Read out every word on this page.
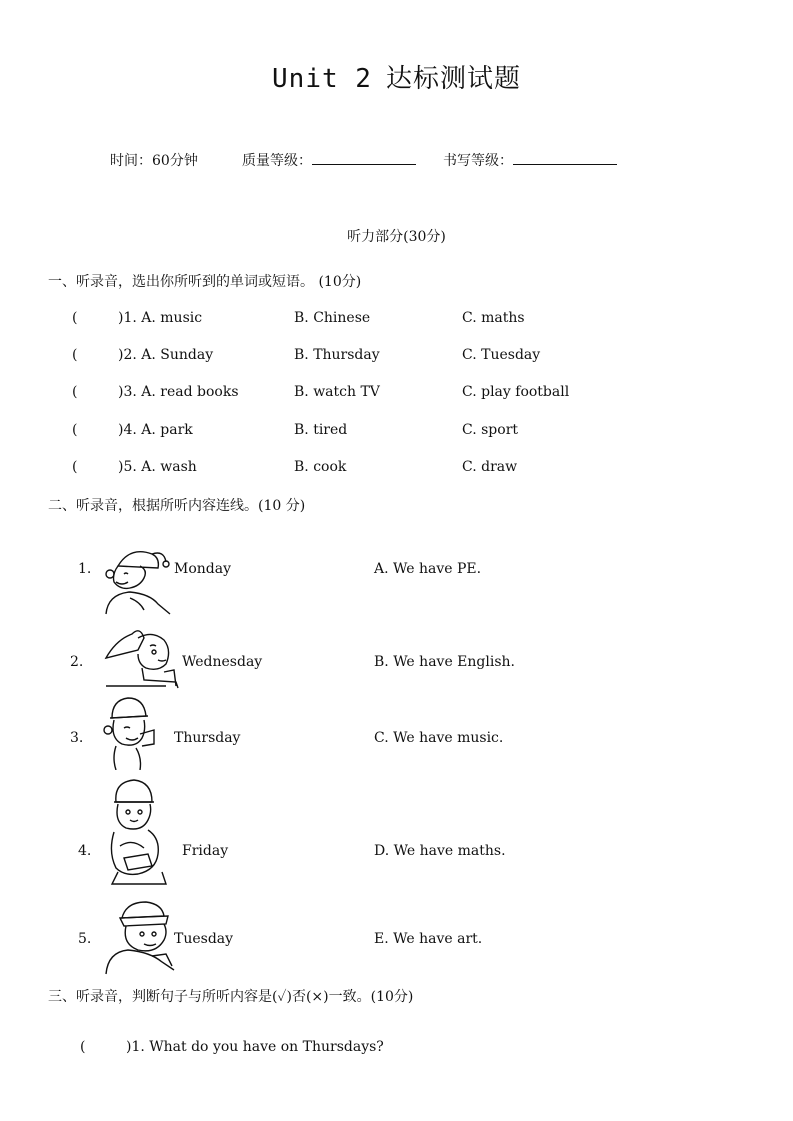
Unit 2 达标测试题
时间：60分钟	质量等级：	书写等级：
听力部分(30分)
一、听录音，选出你所听到的单词或短语。 (10分)
(	)1. A. music	B. Chinese	C. maths
(	)2. A. Sunday	B. Thursday	C. Tuesday
(	)3. A. read books	B. watch TV	C. play football
(	)4. A. park	B. tired	C. sport
(	)5. A. wash	B. cook	C. draw
二、听录音，根据所听内容连线。(10 分)
1.	Monday	A. We have PE.
2.	Wednesday	B. We have English.
3.	Thursday	C. We have music.
4.	Friday	D. We have maths.
5.	Tuesday	E. We have art.
三、听录音，判断句子与所听内容是(✓)否(×)一致。(10分)
(	)1. What do you have on Thursdays?
